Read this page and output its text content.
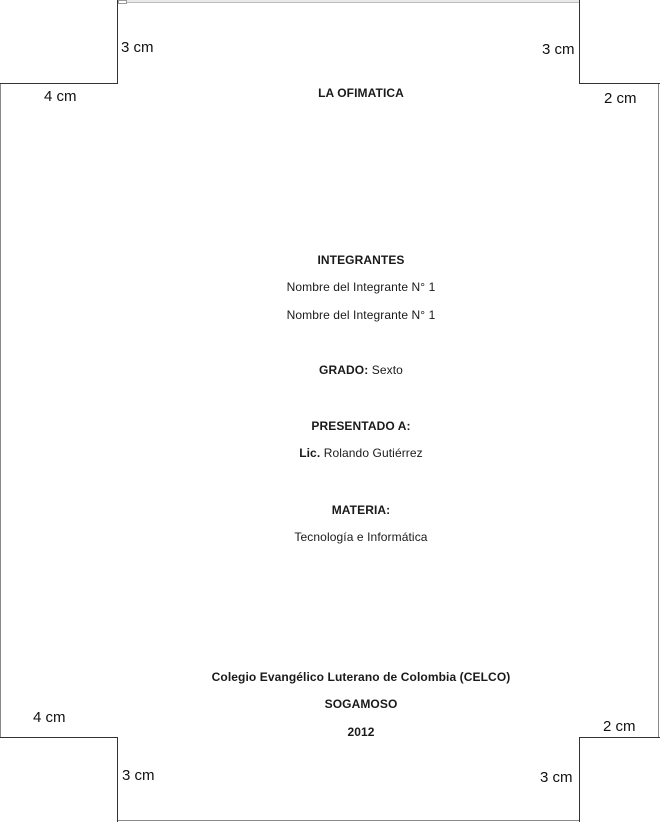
3 cm
4 cm
3 cm
2 cm
4 cm
3 cm
2 cm
3 cm
LA OFIMATICA
INTEGRANTES
Nombre del Integrante N° 1
Nombre del Integrante N° 1
GRADO: Sexto
PRESENTADO A:
Lic. Rolando Gutiérrez
MATERIA:
Tecnología e Informática
Colegio Evangélico Luterano de Colombia (CELCO)
SOGAMOSO
2012
